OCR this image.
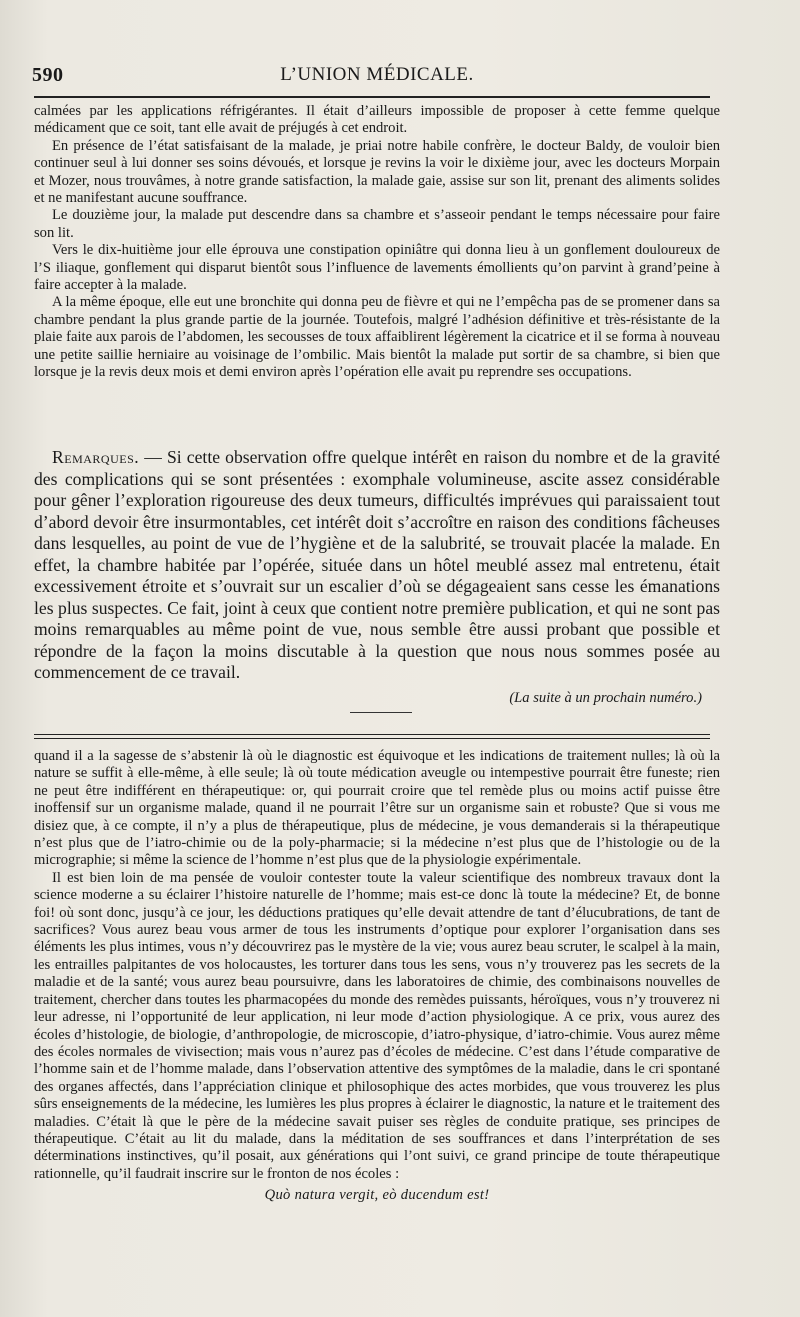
590	L’UNION MÉDICALE.

calmées par les applications réfrigérantes. Il était d’ailleurs impossible de proposer à cette femme quelque médicament que ce soit, tant elle avait de préjugés à cet endroit.

En présence de l’état satisfaisant de la malade, je priai notre habile confrère, le docteur Baldy, de vouloir bien continuer seul à lui donner ses soins dévoués, et lorsque je revins la voir le dixième jour, avec les docteurs Morpain et Mozer, nous trouvâmes, à notre grande satisfaction, la malade gaie, assise sur son lit, prenant des aliments solides et ne manifestant aucune souffrance.

Le douzième jour, la malade put descendre dans sa chambre et s’asseoir pendant le temps nécessaire pour faire son lit.

Vers le dix-huitième jour elle éprouva une constipation opiniâtre qui donna lieu à un gonflement douloureux de l’S iliaque, gonflement qui disparut bientôt sous l’influence de lavements émollients qu’on parvint à grand’peine à faire accepter à la malade.

A la même époque, elle eut une bronchite qui donna peu de fièvre et qui ne l’empêcha pas de se promener dans sa chambre pendant la plus grande partie de la journée. Toutefois, malgré l’adhésion définitive et très-résistante de la plaie faite aux parois de l’abdomen, les secousses de toux affaiblirent légèrement la cicatrice et il se forma à nouveau une petite saillie herniaire au voisinage de l’ombilic. Mais bientôt la malade put sortir de sa chambre, si bien que lorsque je la revis deux mois et demi environ après l’opération elle avait pu reprendre ses occupations.

Remarques. — Si cette observation offre quelque intérêt en raison du nombre et de la gravité des complications qui se sont présentées : exomphale volumineuse, ascite assez considérable pour gêner l’exploration rigoureuse des deux tumeurs, difficultés imprévues qui paraissaient tout d’abord devoir être insurmontables, cet intérêt doit s’accroître en raison des conditions fâcheuses dans lesquelles, au point de vue de l’hygiène et de la salubrité, se trouvait placée la malade. En effet, la chambre habitée par l’opérée, située dans un hôtel meublé assez mal entretenu, était excessivement étroite et s’ouvrait sur un escalier d’où se dégageaient sans cesse les émanations les plus suspectes. Ce fait, joint à ceux que contient notre première publication, et qui ne sont pas moins remarquables au même point de vue, nous semble être aussi probant que possible et répondre de la façon la moins discutable à la question que nous nous sommes posée au commencement de ce travail.

(La suite à un prochain numéro.)

quand il a la sagesse de s’abstenir là où le diagnostic est équivoque et les indications de traitement nulles; là où la nature se suffit à elle-même, à elle seule; là où toute médication aveugle ou intempestive pourrait être funeste; rien ne peut être indifférent en thérapeutique: or, qui pourrait croire que tel remède plus ou moins actif puisse être inoffensif sur un organisme malade, quand il ne pourrait l’être sur un organisme sain et robuste? Que si vous me disiez que, à ce compte, il n’y a plus de thérapeutique, plus de médecine, je vous demanderais si la thérapeutique n’est plus que de l’iatro-chimie ou de la poly-pharmacie; si la médecine n’est plus que de l’histologie ou de la micrographie; si même la science de l’homme n’est plus que de la physiologie expérimentale.

Il est bien loin de ma pensée de vouloir contester toute la valeur scientifique des nombreux travaux dont la science moderne a su éclairer l’histoire naturelle de l’homme; mais est-ce donc là toute la médecine? Et, de bonne foi! où sont donc, jusqu’à ce jour, les déductions pratiques qu’elle devait attendre de tant d’élucubrations, de tant de sacrifices? Vous aurez beau vous armer de tous les instruments d’optique pour explorer l’organisation dans ses éléments les plus intimes, vous n’y découvrirez pas le mystère de la vie; vous aurez beau scruter, le scalpel à la main, les entrailles palpitantes de vos holocaustes, les torturer dans tous les sens, vous n’y trouverez pas les secrets de la maladie et de la santé; vous aurez beau poursuivre, dans les laboratoires de chimie, des combinaisons nouvelles de traitement, chercher dans toutes les pharmacopées du monde des remèdes puissants, héroïques, vous n’y trouverez ni leur adresse, ni l’opportunité de leur application, ni leur mode d’action physiologique. A ce prix, vous aurez des écoles d’histologie, de biologie, d’anthropologie, de microscopie, d’iatro-physique, d’iatro-chimie. Vous aurez même des écoles normales de vivisection; mais vous n’aurez pas d’écoles de médecine. C’est dans l’étude comparative de l’homme sain et de l’homme malade, dans l’observation attentive des symptômes de la maladie, dans le cri spontané des organes affectés, dans l’appréciation clinique et philosophique des actes morbides, que vous trouverez les plus sûrs enseignements de la médecine, les lumières les plus propres à éclairer le diagnostic, la nature et le traitement des maladies. C’était là que le père de la médecine savait puiser ses règles de conduite pratique, ses principes de thérapeutique. C’était au lit du malade, dans la méditation de ses souffrances et dans l’interprétation de ses déterminations instinctives, qu’il posait, aux générations qui l’ont suivi, ce grand principe de toute thérapeutique rationnelle, qu’il faudrait inscrire sur le fronton de nos écoles :

Quò natura vergit, eò ducendum est!
